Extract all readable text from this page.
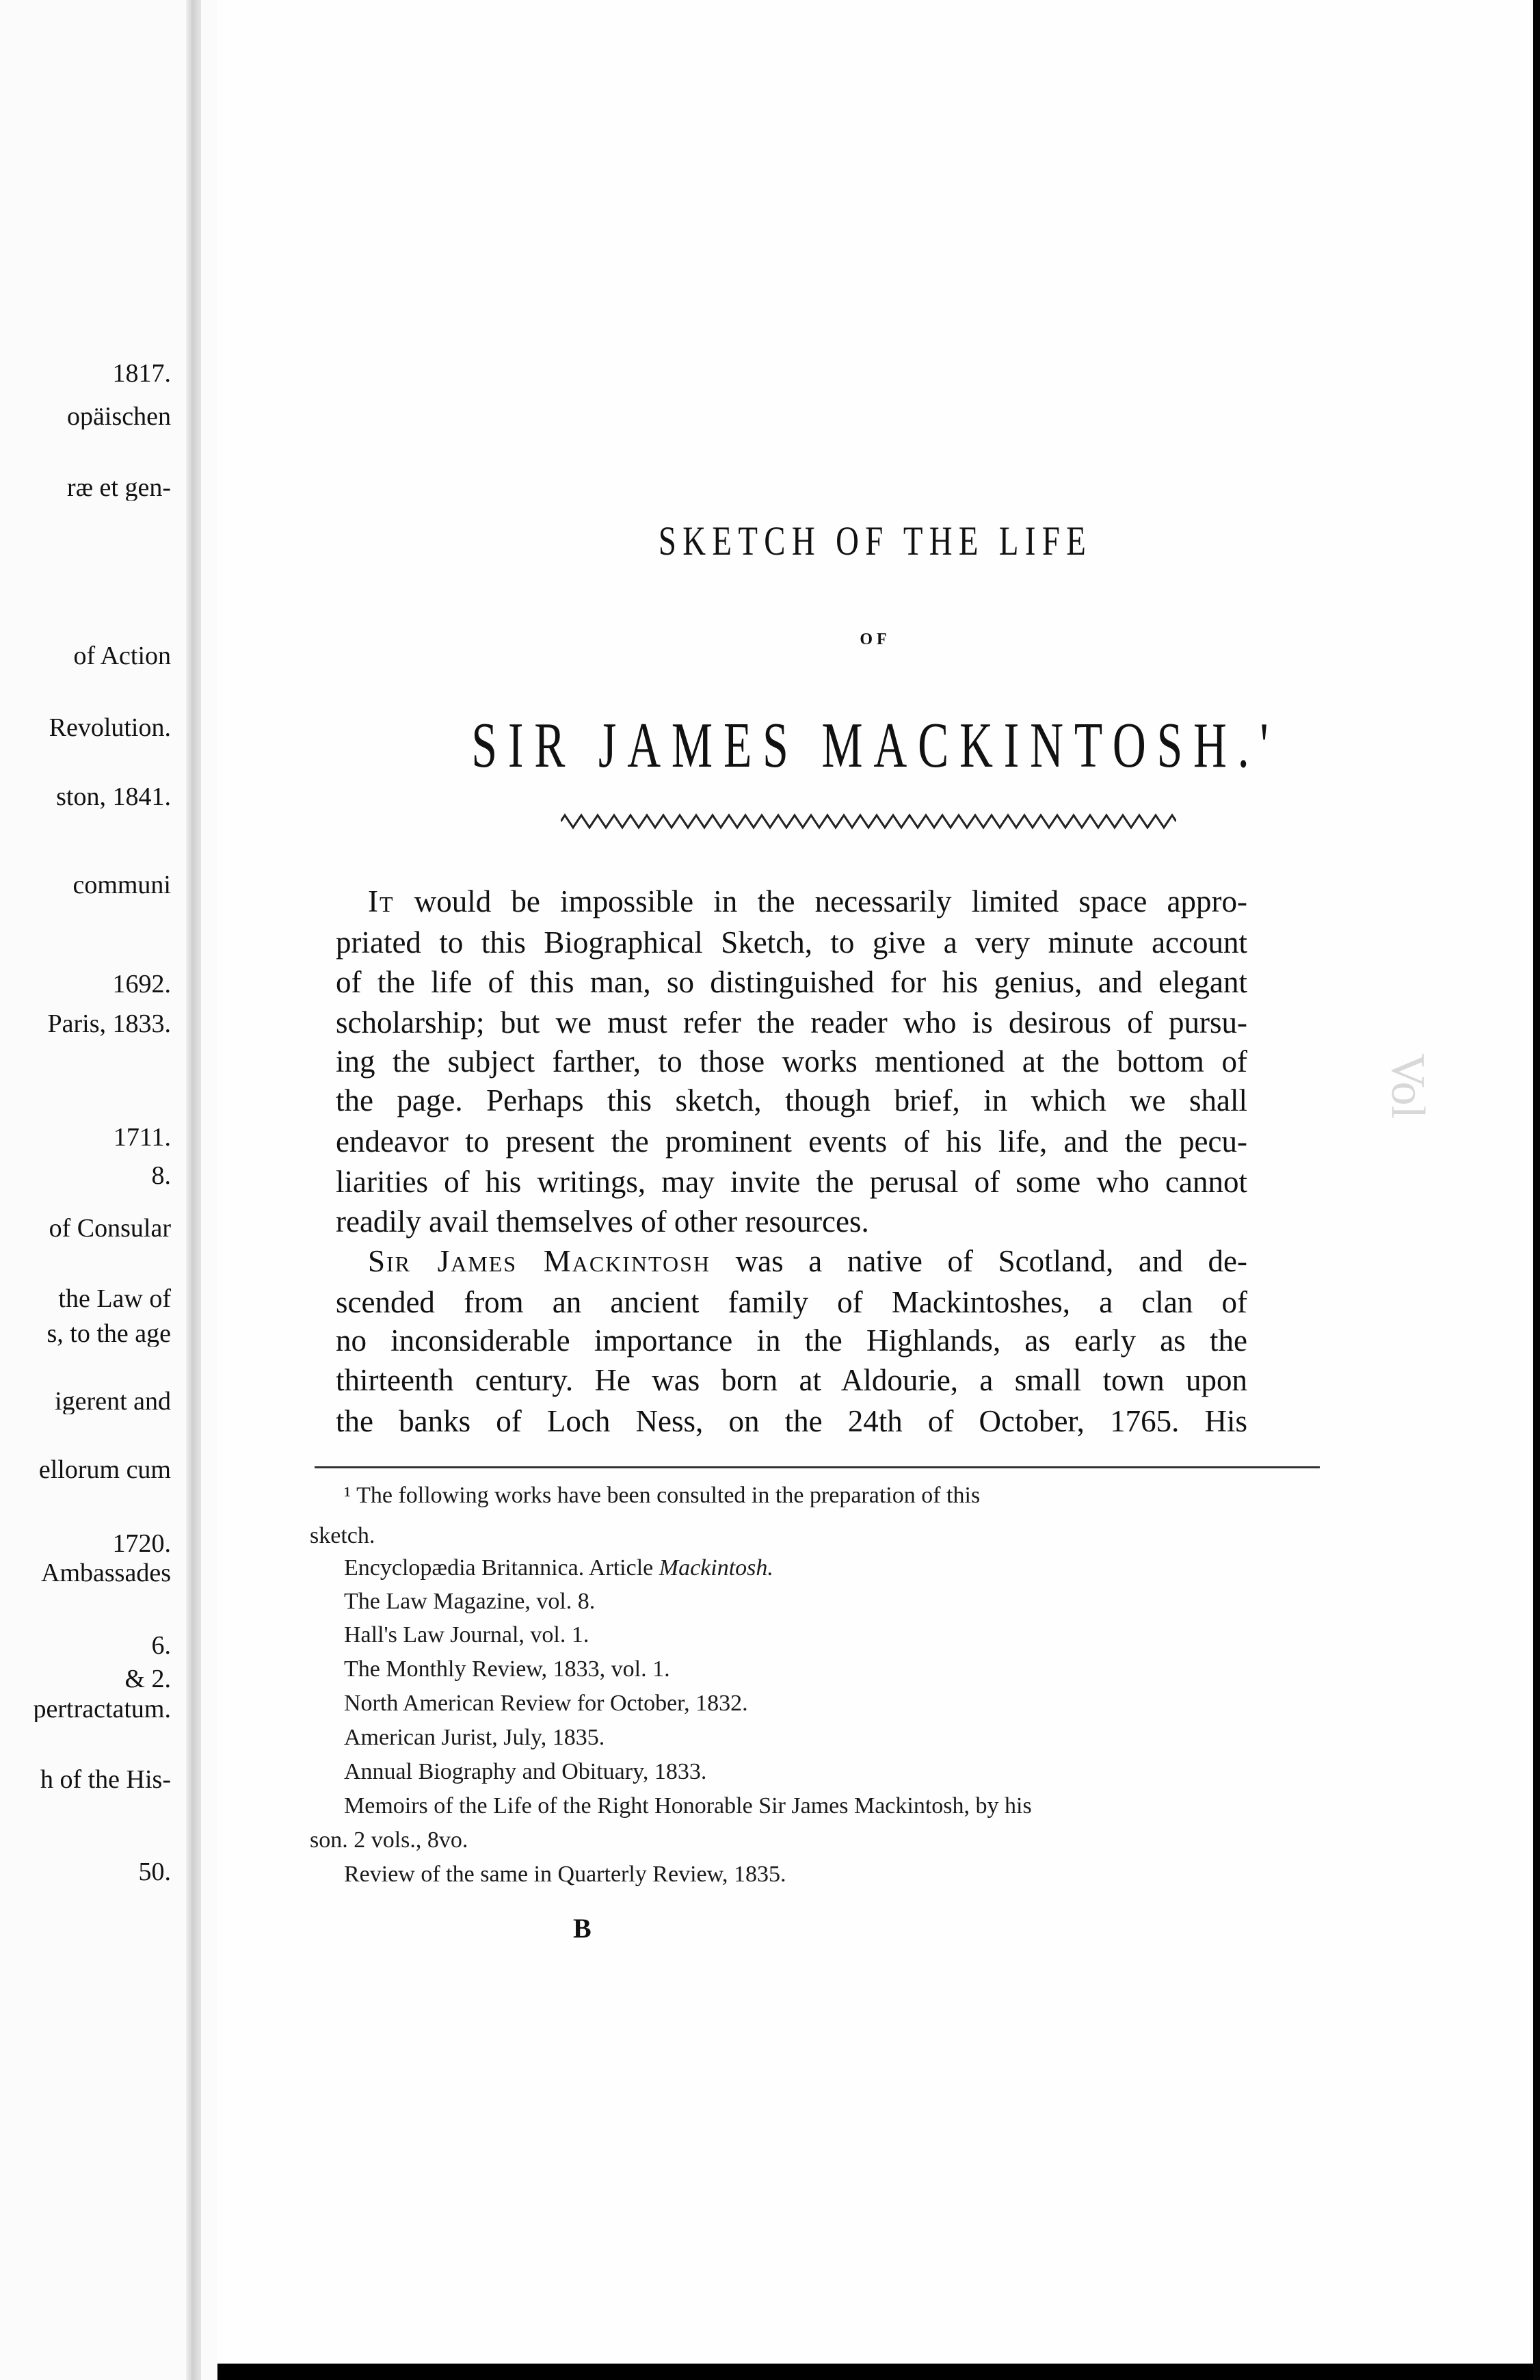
1817.
opäischen
ræ et gen-
of Action
Revolution.
ston, 1841.
communi
1692.
Paris, 1833.
1711.
8.
of Consular
the Law of
s, to the age
igerent and
ellorum cum
1720.
Ambassades
6.
& 2.
pertractatum.
h of the His-
50.
SKETCH OF THE LIFE
OF
SIR JAMES MACKINTOSH.'
It would be impossible in the necessarily limited space appro-
priated to this Biographical Sketch, to give a very minute account
of the life of this man, so distinguished for his genius, and elegant
scholarship; but we must refer the reader who is desirous of pursu-
ing the subject farther, to those works mentioned at the bottom of
the page. Perhaps this sketch, though brief, in which we shall
endeavor to present the prominent events of his life, and the pecu-
liarities of his writings, may invite the perusal of some who cannot
readily avail themselves of other resources.
Sir James Mackintosh was a native of Scotland, and de-
scended from an ancient family of Mackintoshes, a clan of
no inconsiderable importance in the Highlands, as early as the
thirteenth century. He was born at Aldourie, a small town upon
the banks of Loch Ness, on the 24th of October, 1765. His
¹ The following works have been consulted in the preparation of this
sketch.
Encyclopædia Britannica. Article Mackintosh.
The Law Magazine, vol. 8.
Hall's Law Journal, vol. 1.
The Monthly Review, 1833, vol. 1.
North American Review for October, 1832.
American Jurist, July, 1835.
Annual Biography and Obituary, 1833.
Memoirs of the Life of the Right Honorable Sir James Mackintosh, by his
son. 2 vols., 8vo.
Review of the same in Quarterly Review, 1835.
B
Vol
